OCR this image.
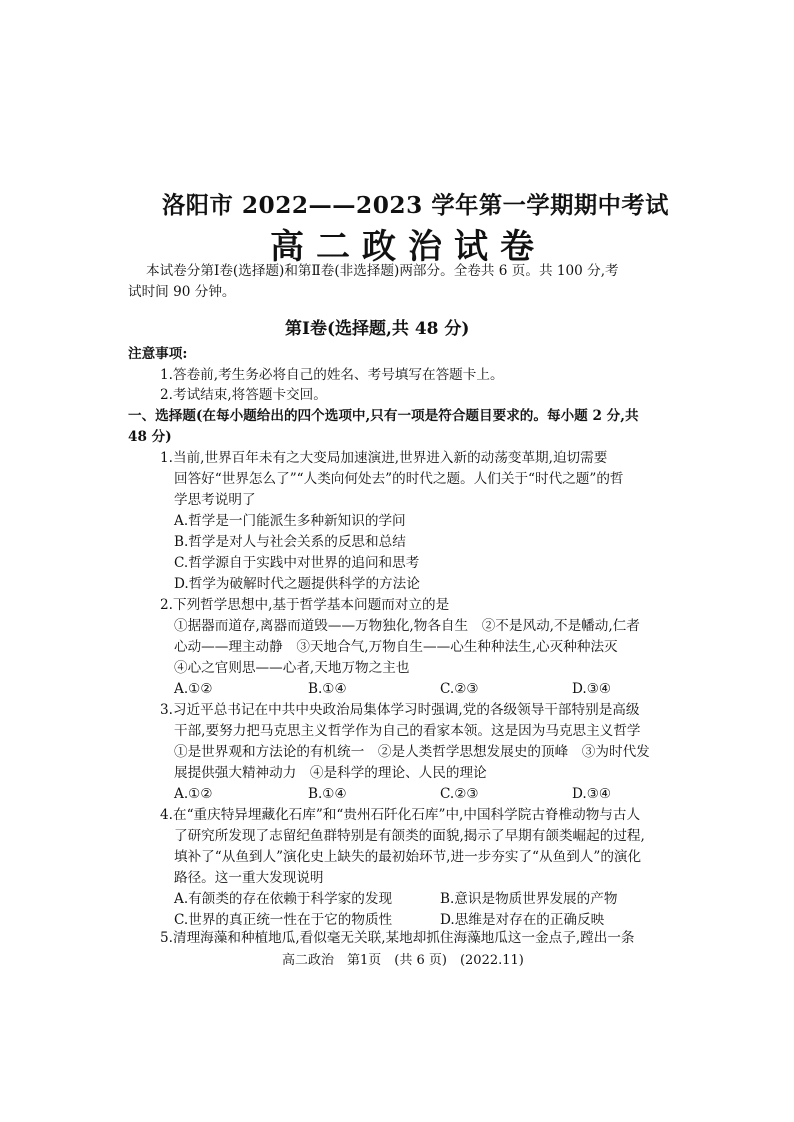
洛阳市 2022——2023 学年第一学期期中考试
高二政治试卷
本试卷分第Ⅰ卷(选择题)和第Ⅱ卷(非选择题)两部分。全卷共 6 页。共 100 分,考
试时间 90 分钟。
第Ⅰ卷(选择题,共 48 分)
注意事项:
1.答卷前,考生务必将自己的姓名、考号填写在答题卡上。
2.考试结束,将答题卡交回。
一、选择题(在每小题给出的四个选项中,只有一项是符合题目要求的。每小题 2 分,共
48 分)
1.当前,世界百年未有之大变局加速演进,世界进入新的动荡变革期,迫切需要
回答好“世界怎么了”“人类向何处去”的时代之题。人们关于“时代之题”的哲
学思考说明了
A.哲学是一门能派生多种新知识的学问
B.哲学是对人与社会关系的反思和总结
C.哲学源自于实践中对世界的追问和思考
D.哲学为破解时代之题提供科学的方法论
2.下列哲学思想中,基于哲学基本问题而对立的是
①据器而道存,离器而道毁——万物独化,物各自生　②不是风动,不是幡动,仁者
心动——理主动静　③天地合气,万物自生——心生种种法生,心灭种种法灭
④心之官则思——心者,天地万物之主也
A.①②	B.①④	C.②③	D.③④
3.习近平总书记在中共中央政治局集体学习时强调,党的各级领导干部特别是高级
干部,要努力把马克思主义哲学作为自己的看家本领。这是因为马克思主义哲学
①是世界观和方法论的有机统一　②是人类哲学思想发展史的顶峰　③为时代发
展提供强大精神动力　④是科学的理论、人民的理论
A.①②	B.①④	C.②③	D.③④
4.在“重庆特异埋藏化石库”和“贵州石阡化石库”中,中国科学院古脊椎动物与古人
了研究所发现了志留纪鱼群特别是有颌类的面貌,揭示了早期有颌类崛起的过程,
填补了“从鱼到人”演化史上缺失的最初始环节,进一步夯实了“从鱼到人”的演化
路径。这一重大发现说明
A.有颌类的存在依赖于科学家的发现	B.意识是物质世界发展的产物
C.世界的真正统一性在于它的物质性	D.思维是对存在的正确反映
5.清理海藻和种植地瓜,看似毫无关联,某地却抓住海藻地瓜这一金点子,蹚出一条
高二政治　第1页　(共 6 页)　(2022.11)
